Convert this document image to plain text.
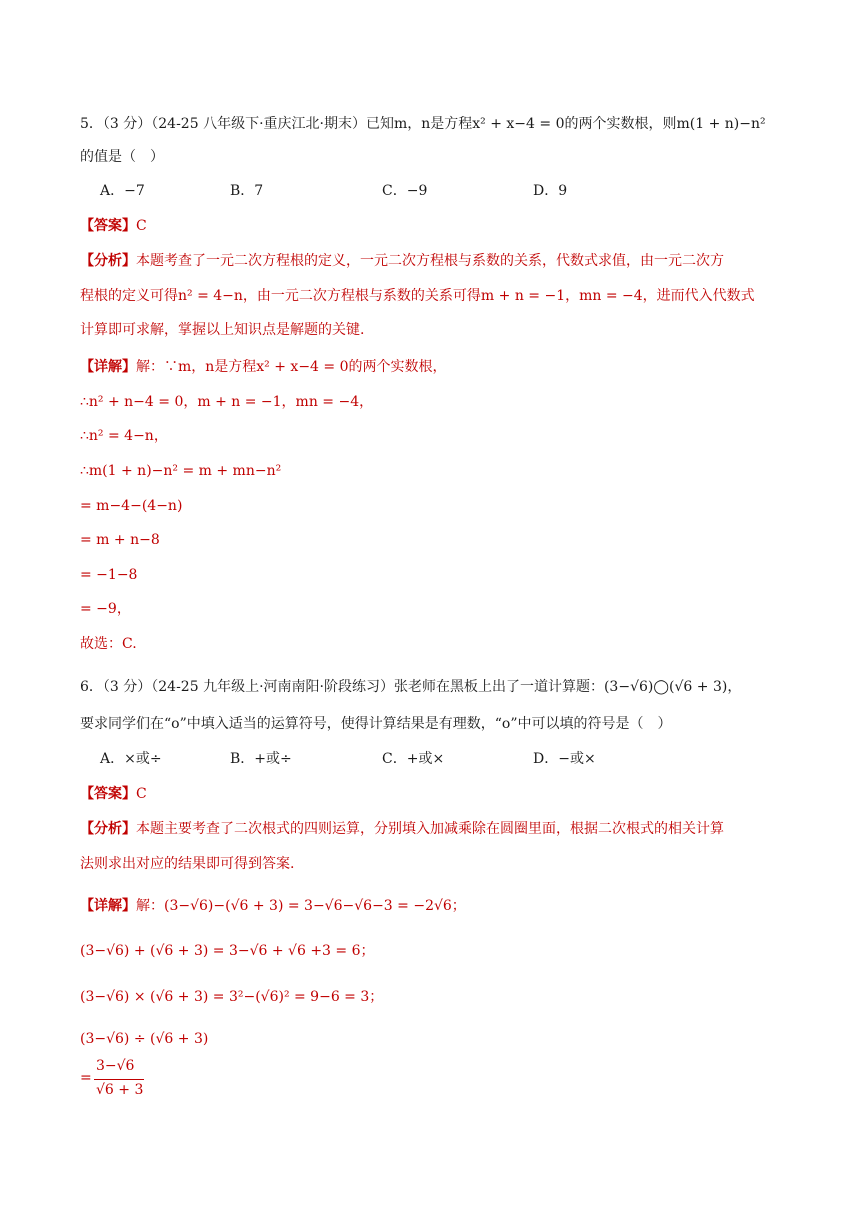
5．（3 分）（24-25 八年级下·重庆江北·期末）已知m，n是方程x² + x−4 = 0的两个实数根，则m(1 + n)−n²
的值是（　）
A．−7	B．7	C．−9	D．9
【答案】C
【分析】本题考查了一元二次方程根的定义，一元二次方程根与系数的关系，代数式求值，由一元二次方
程根的定义可得n² = 4−n，由一元二次方程根与系数的关系可得m + n = −1，mn = −4，进而代入代数式
计算即可求解，掌握以上知识点是解题的关键.
【详解】解：∵m，n是方程x² + x−4 = 0的两个实数根，
∴n² + n−4 = 0，m + n = −1，mn = −4，
∴n² = 4−n，
∴m(1 + n)−n² = m + mn−n²
= m−4−(4−n)
= m + n−8
= −1−8
= −9，
故选：C.
6．（3 分）（24-25 九年级上·河南南阳·阶段练习）张老师在黑板上出了一道计算题：(3−√6)◯(√6 + 3)，
要求同学们在“o”中填入适当的运算符号，使得计算结果是有理数，“o”中可以填的符号是（　）
A．×或÷	B．+或÷	C．+或×	D．−或×
【答案】C
【分析】本题主要考查了二次根式的四则运算，分别填入加减乘除在圆圈里面，根据二次根式的相关计算
法则求出对应的结果即可得到答案.
【详解】解：(3−√6)−(√6 + 3) = 3−√6−√6−3 = −2√6；
(3−√6) + (√6 + 3) = 3−√6 + √6 +3 = 6；
(3−√6) × (√6 + 3) = 3²−(√6)² = 9−6 = 3；
(3−√6) ÷ (√6 + 3)
=
3−√6
√6 + 3
